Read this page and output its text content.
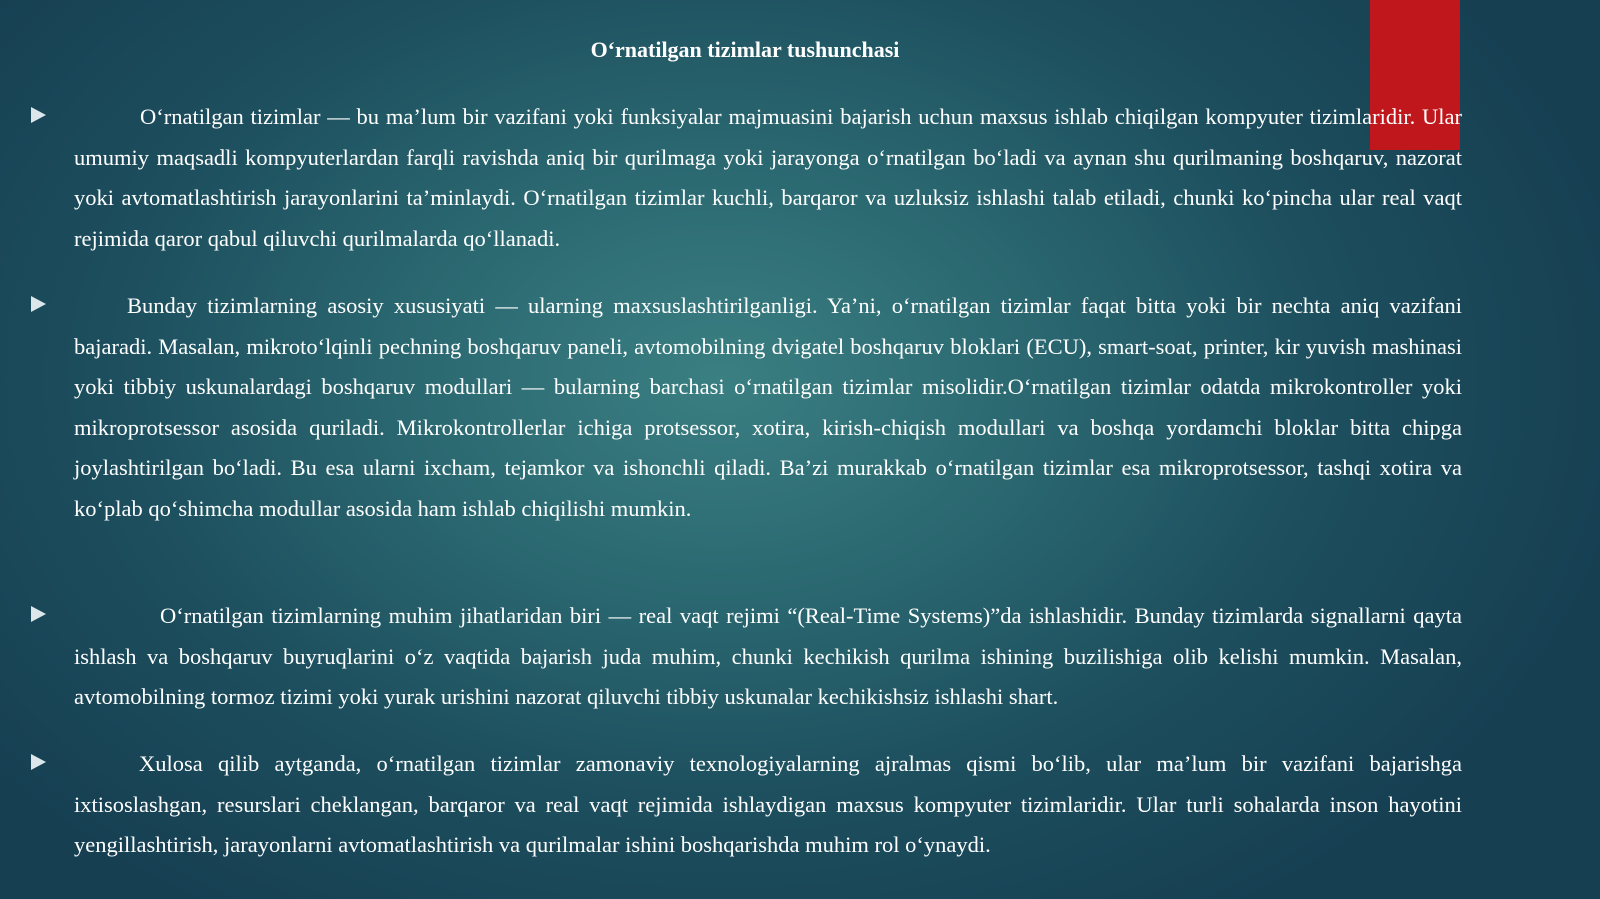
O‘rnatilgan tizimlar tushunchasi

O‘rnatilgan tizimlar — bu ma’lum bir vazifani yoki funksiyalar majmuasini bajarish uchun maxsus ishlab chiqilgan kompyuter tizimlaridir. Ular umumiy maqsadli kompyuterlardan farqli ravishda aniq bir qurilmaga yoki jarayonga o‘rnatilgan bo‘ladi va aynan shu qurilmaning boshqaruv, nazorat yoki avtomatlashtirish jarayonlarini ta’minlaydi. O‘rnatilgan tizimlar kuchli, barqaror va uzluksiz ishlashi talab etiladi, chunki ko‘pincha ular real vaqt rejimida qaror qabul qiluvchi qurilmalarda qo‘llanadi.

Bunday tizimlarning asosiy xususiyati — ularning maxsuslashtirilganligi. Ya’ni, o‘rnatilgan tizimlar faqat bitta yoki bir nechta aniq vazifani bajaradi. Masalan, mikroto‘lqinli pechning boshqaruv paneli, avtomobilning dvigatel boshqaruv bloklari (ECU), smart-soat, printer, kir yuvish mashinasi yoki tibbiy uskunalardagi boshqaruv modullari — bularning barchasi o‘rnatilgan tizimlar misolidir.O‘rnatilgan tizimlar odatda mikrokontroller yoki mikroprotsessor asosida quriladi. Mikrokontrollerlar ichiga protsessor, xotira, kirish-chiqish modullari va boshqa yordamchi bloklar bitta chipga joylashtirilgan bo‘ladi. Bu esa ularni ixcham, tejamkor va ishonchli qiladi. Ba’zi murakkab o‘rnatilgan tizimlar esa mikroprotsessor, tashqi xotira va ko‘plab qo‘shimcha modullar asosida ham ishlab chiqilishi mumkin.

O‘rnatilgan tizimlarning muhim jihatlaridan biri — real vaqt rejimi “(Real-Time Systems)”da ishlashidir. Bunday tizimlarda signallarni qayta ishlash va boshqaruv buyruqlarini o‘z vaqtida bajarish juda muhim, chunki kechikish qurilma ishining buzilishiga olib kelishi mumkin. Masalan, avtomobilning tormoz tizimi yoki yurak urishini nazorat qiluvchi tibbiy uskunalar kechikishsiz ishlashi shart.

Xulosa qilib aytganda, o‘rnatilgan tizimlar zamonaviy texnologiyalarning ajralmas qismi bo‘lib, ular ma’lum bir vazifani bajarishga ixtisoslashgan, resurslari cheklangan, barqaror va real vaqt rejimida ishlaydigan maxsus kompyuter tizimlaridir. Ular turli sohalarda inson hayotini yengillashtirish, jarayonlarni avtomatlashtirish va qurilmalar ishini boshqarishda muhim rol o‘ynaydi.
